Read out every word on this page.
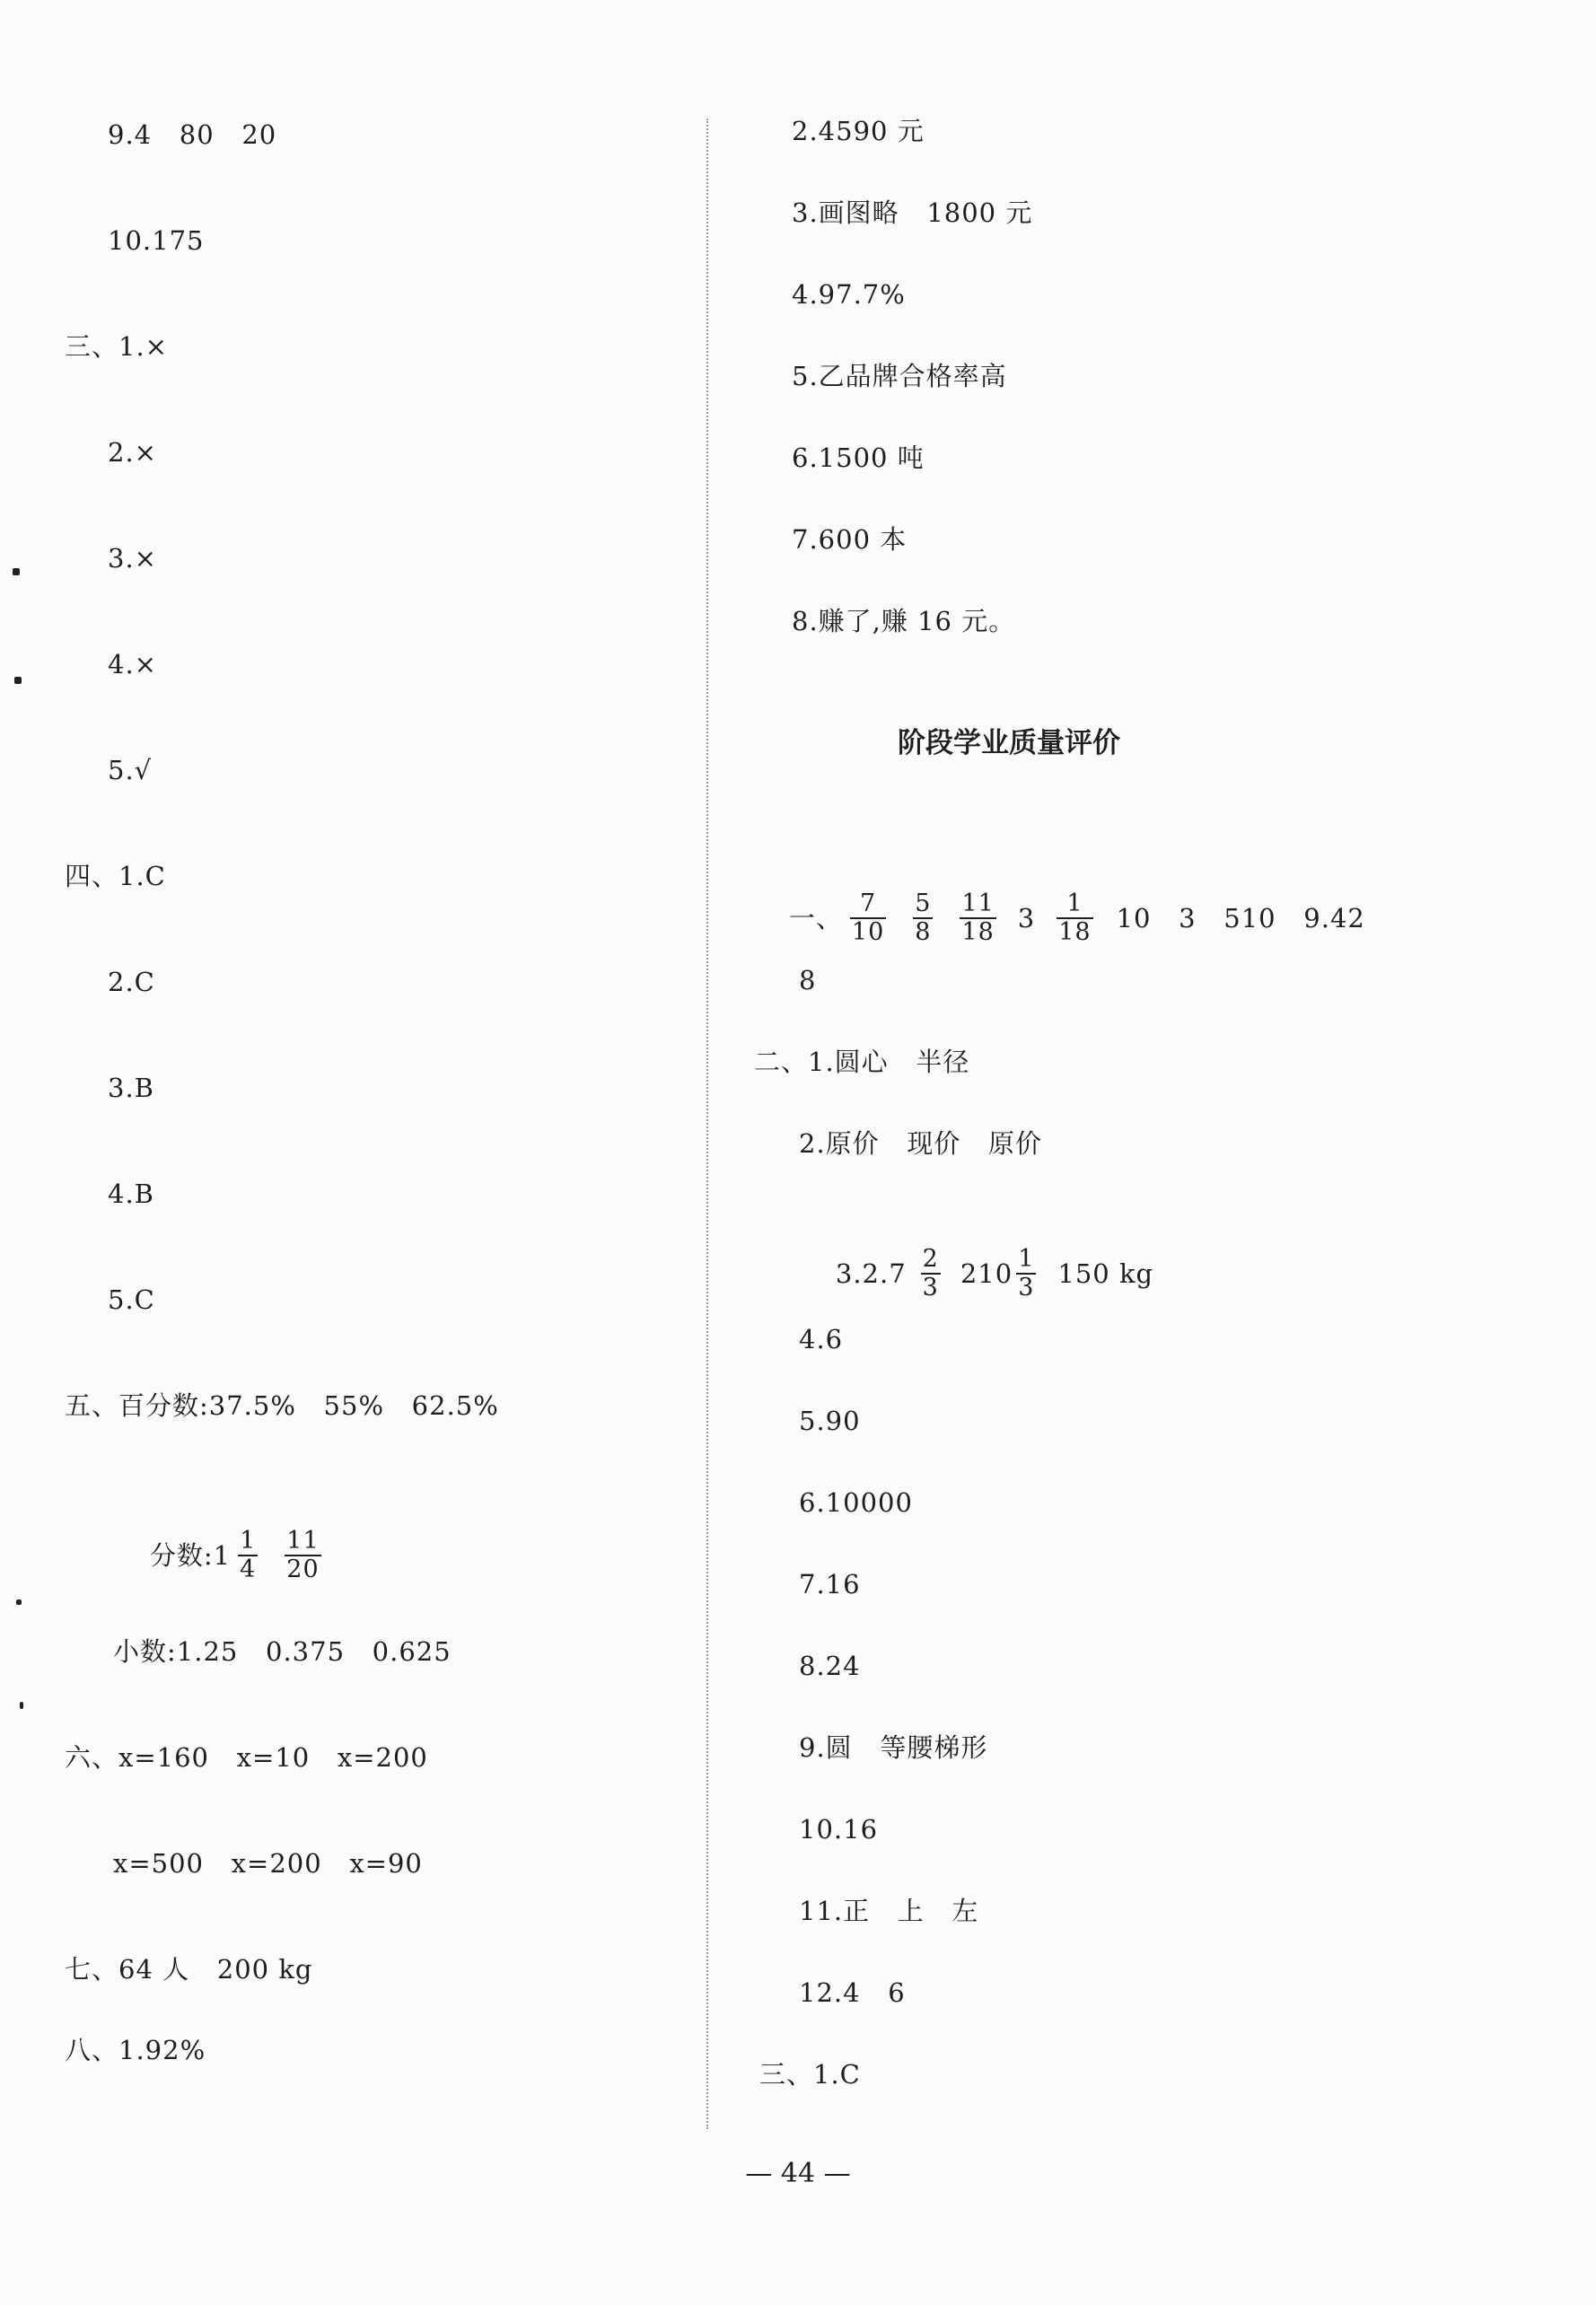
9.4   80   20
10.175
三、1.×
2.×
3.×
4.×
5.√
四、1.C
2.C
3.B
4.B
5.C
五、百分数:37.5%   55%   62.5%

分数:1 $\frac{1}{4} \frac{11}{20}$

小数:1.25   0.375   0.625
六、x=160   x=10   x=200
x=500   x=200   x=90
七、64 人   200 kg
八、1.92%
2.4590 元
3.画图略   1800 元
4.97.7%
5.乙品牌合格率高
6.1500 吨
7.600 本
8.赚了,赚 16 元。
阶段学业质量评价

一、 $\frac{7}{10} \frac{5}{8} \frac{11}{18} 3 \frac{1}{18} 10$   3   510   9.42

8
二、1.圆心   半径
2.原价   现价   原价

$3.2.7 \frac{2}{3} 210 \frac{1}{3} 150$ kg

4.6
5.90
6.10000
7.16
8.24
9.圆   等腰梯形
10.16
11.正   上   左
12.4   6
三、1.C
— 44 —
